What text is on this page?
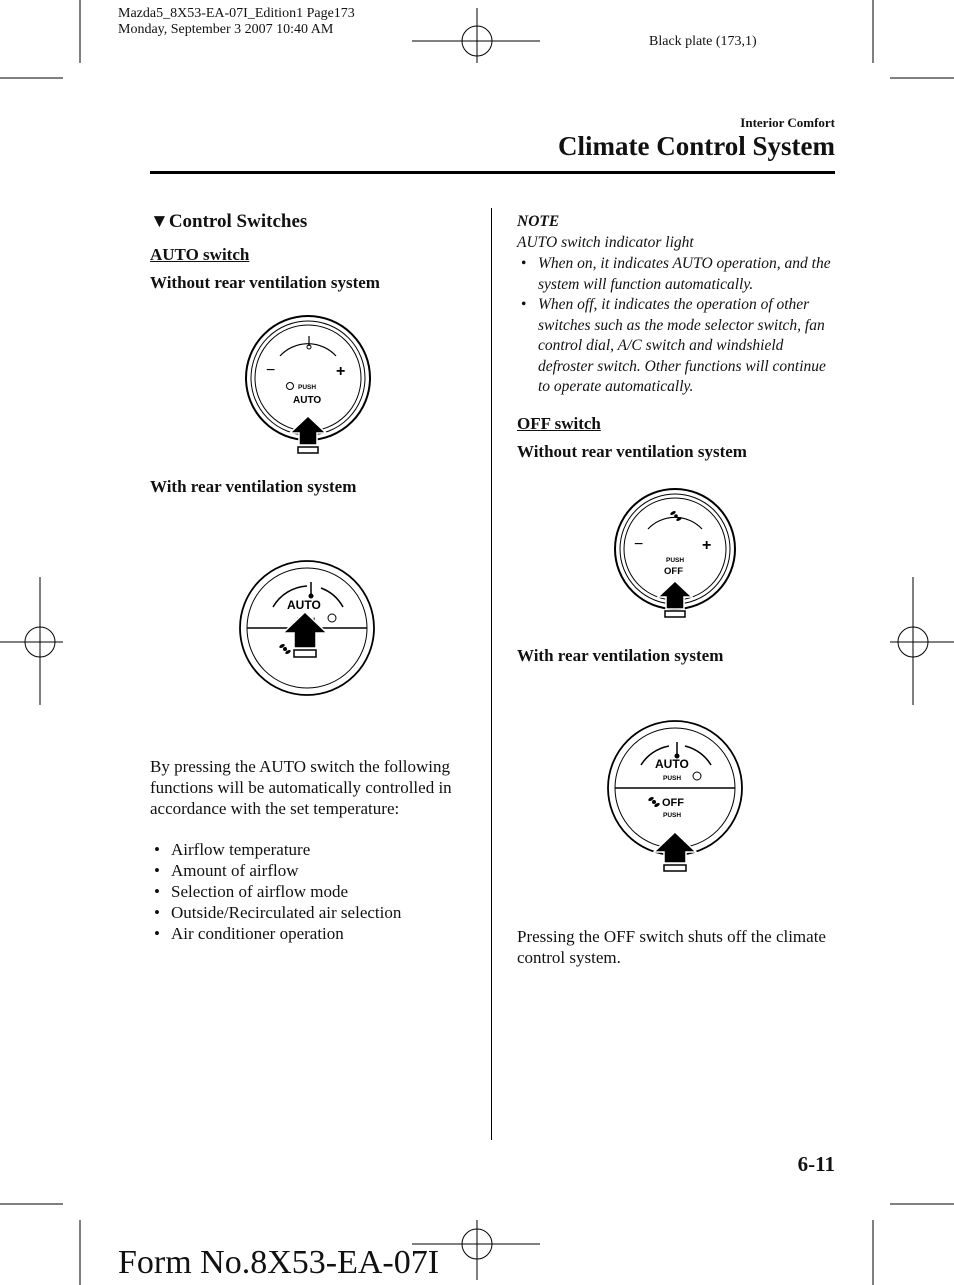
Mazda5_8X53-EA-07I_Edition1 Page173
Monday, September 3 2007 10:40 AM
Black plate (173,1)
Interior Comfort
Climate Control System
▼Control Switches
AUTO switch
Without rear ventilation system
−	+
PUSH
AUTO
With rear ventilation system
AUTO
By pressing the AUTO switch the following functions will be automatically controlled in accordance with the set temperature:
• Airflow temperature
• Amount of airflow
• Selection of airflow mode
• Outside/Recirculated air selection
• Air conditioner operation
NOTE
AUTO switch indicator light
• When on, it indicates AUTO operation, and the system will function automatically.
• When off, it indicates the operation of other switches such as the mode selector switch, fan control dial, A/C switch and windshield defroster switch. Other functions will continue to operate automatically.
OFF switch
Without rear ventilation system
−	+
PUSH
OFF
With rear ventilation system
AUTO
PUSH
OFF
PUSH
Pressing the OFF switch shuts off the climate control system.
6-11
Form No.8X53-EA-07I
